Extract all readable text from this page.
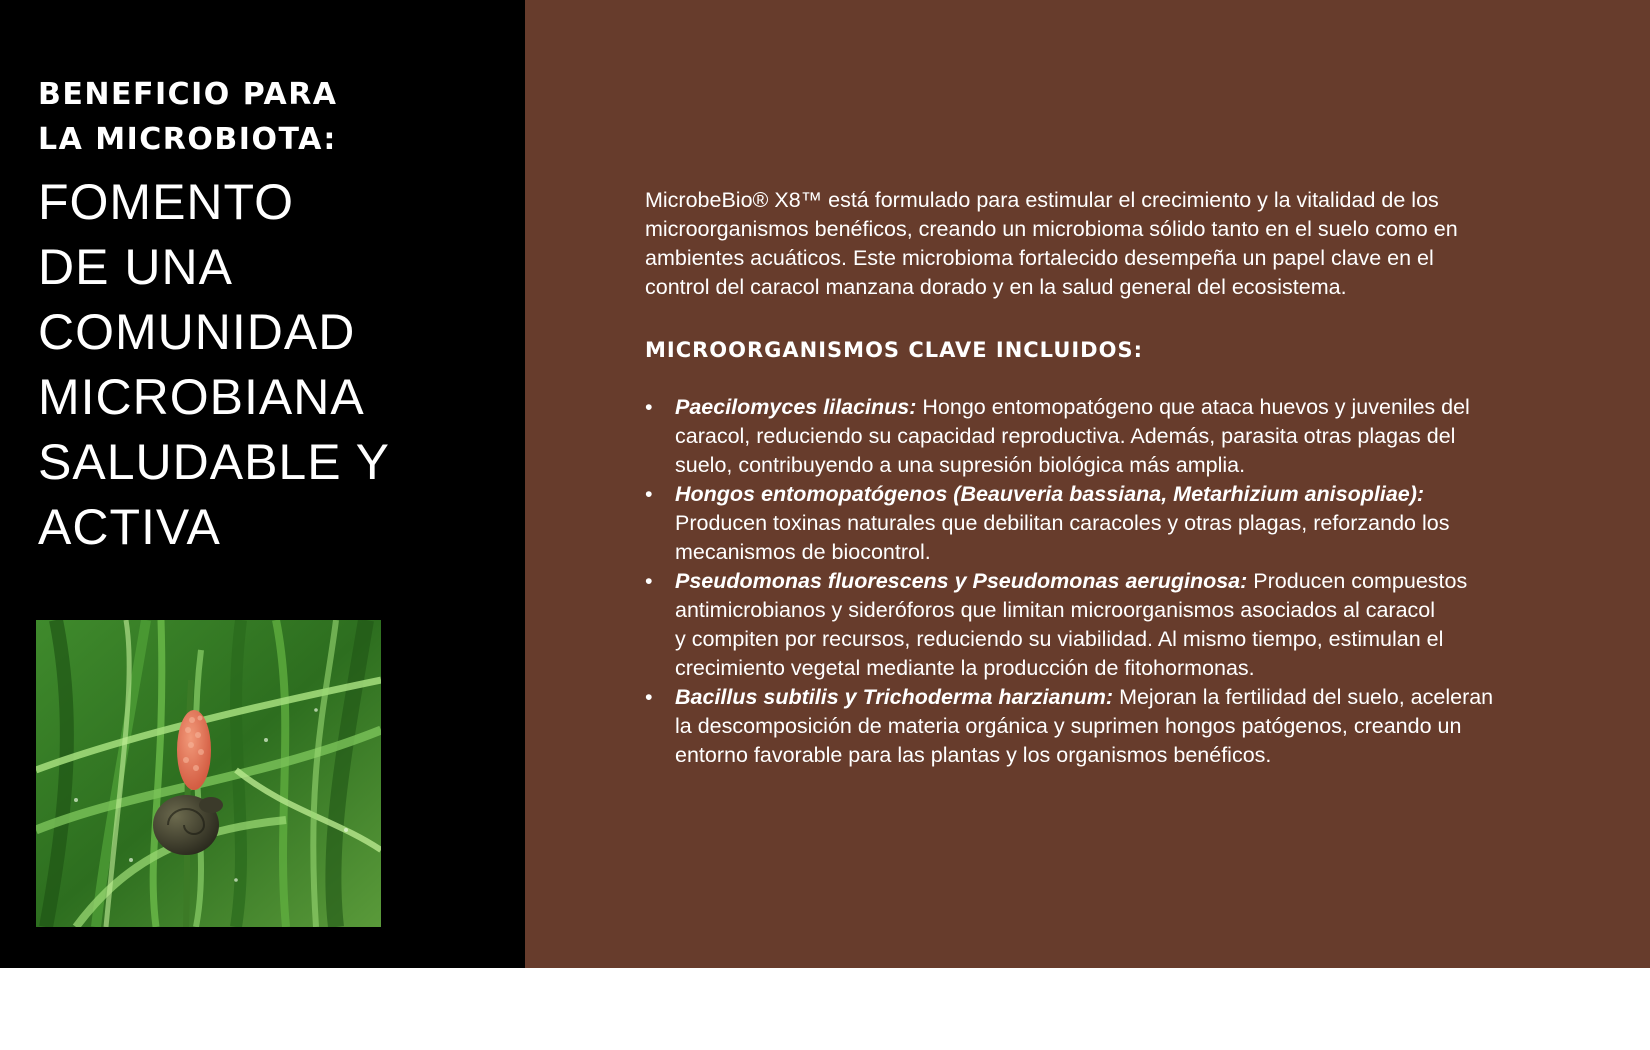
BENEFICIO PARA
LA MICROBIOTA:
FOMENTO
DE UNA
COMUNIDAD
MICROBIANA
SALUDABLE Y
ACTIVA

MicrobeBio® X8™ está formulado para estimular el crecimiento y la vitalidad de los
microorganismos benéficos, creando un microbioma sólido tanto en el suelo como en
ambientes acuáticos. Este microbioma fortalecido desempeña un papel clave en el
control del caracol manzana dorado y en la salud general del ecosistema.

MICROORGANISMOS CLAVE INCLUIDOS:
•	Paecilomyces lilacinus: Hongo entomopatógeno que ataca huevos y juveniles del
caracol, reduciendo su capacidad reproductiva. Además, parasita otras plagas del
suelo, contribuyendo a una supresión biológica más amplia.
•	Hongos entomopatógenos (Beauveria bassiana, Metarhizium anisopliae):
Producen toxinas naturales que debilitan caracoles y otras plagas, reforzando los
mecanismos de biocontrol.
•	Pseudomonas fluorescens y Pseudomonas aeruginosa: Producen compuestos
antimicrobianos y sideróforos que limitan microorganismos asociados al caracol
y compiten por recursos, reduciendo su viabilidad. Al mismo tiempo, estimulan el
crecimiento vegetal mediante la producción de fitohormonas.
•	Bacillus subtilis y Trichoderma harzianum: Mejoran la fertilidad del suelo, aceleran
la descomposición de materia orgánica y suprimen hongos patógenos, creando un
entorno favorable para las plantas y los organismos benéficos.
